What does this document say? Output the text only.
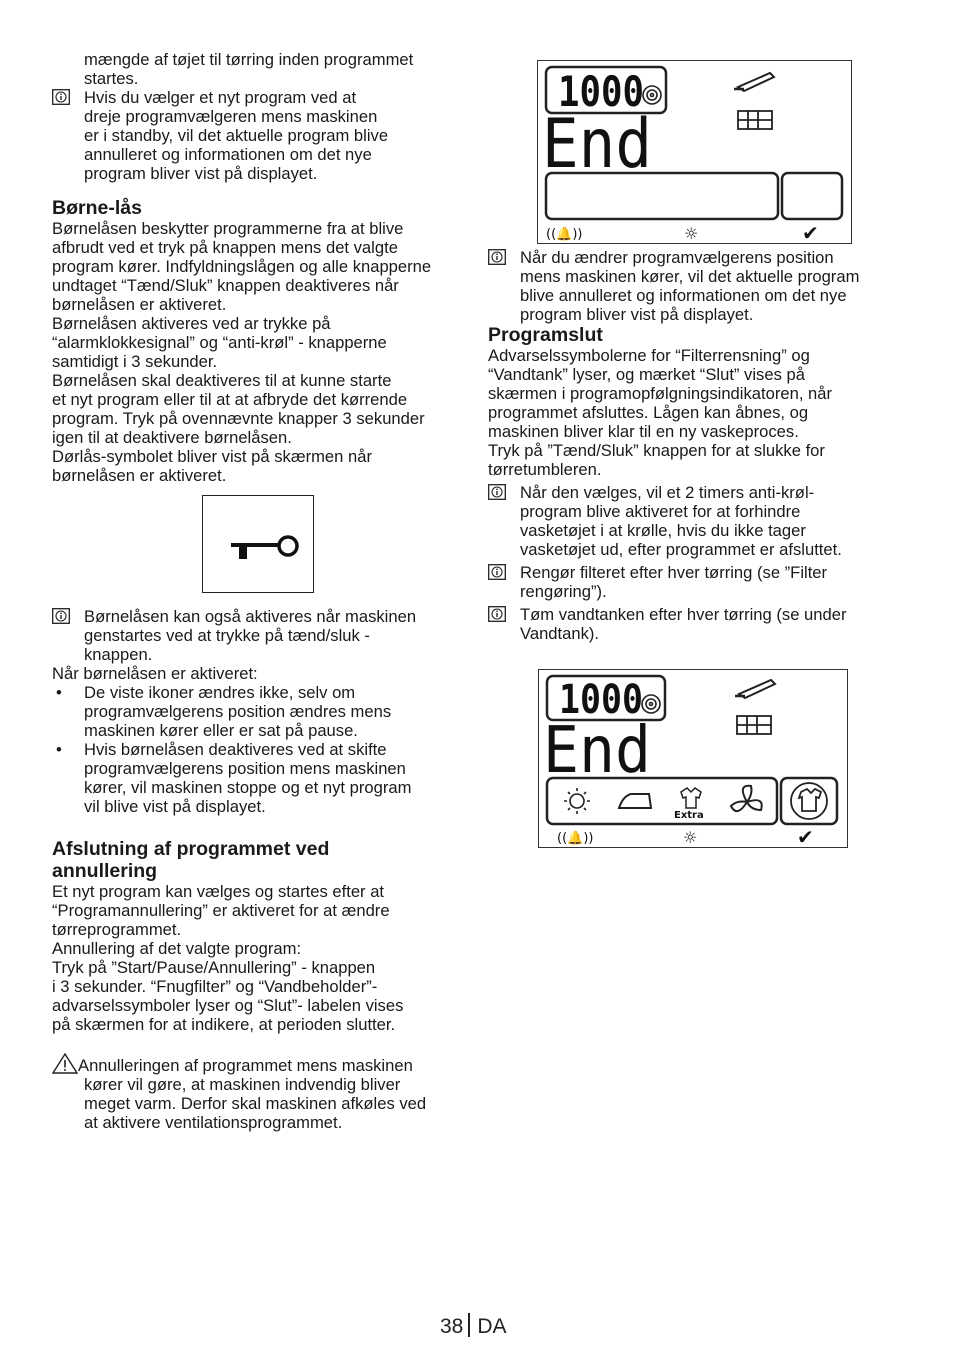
mængde af tøjet til tørring inden programmet

startes.

Hvis du vælger et nyt program ved at

dreje programvælgeren mens maskinen

er i standby, vil det aktuelle program blive

annulleret og informationen om det nye

program bliver vist på displayet.

Børne-lås

Børnelåsen beskytter programmerne fra at blive

afbrudt ved et tryk på knappen mens det valgte

program kører. Indfyldningslågen og alle knapperne

undtaget “Tænd/Sluk” knappen deaktiveres når

børnelåsen er aktiveret.

Børnelåsen aktiveres ved ar trykke på

“alarmklokkesignal” og “anti-krøl” - knapperne

samtidigt i 3 sekunder.

Børnelåsen skal deaktiveres til at kunne starte

et nyt program eller til at at afbryde det kørrende

program. Tryk på ovennævnte knapper 3 sekunder

igen til at deaktivere børnelåsen.

Dørlås-symbolet bliver vist på skærmen når

børnelåsen er aktiveret.

Børnelåsen kan også aktiveres når maskinen

genstartes ved at trykke på tænd/sluk -

knappen.

Når børnelåsen er aktiveret:

• De viste ikoner ændres ikke, selv om

programvælgerens position ændres mens

maskinen kører eller er sat på pause.

• Hvis børnelåsen deaktiveres ved at skifte

programvælgerens position mens maskinen

kører, vil maskinen stoppe og et nyt program

vil blive vist på displayet.

Afslutning af programmet ved
annullering

Et nyt program kan vælges og startes efter at

“Programannullering” er aktiveret for at ændre

tørreprogrammet.

Annullering af det valgte program:

Tryk på ”Start/Pause/Annullering” - knappen

i 3 sekunder. “Fnugfilter” og “Vandbeholder”-

advarselssymboler lyser og “Slut”- labelen vises

på skærmen for at indikere, at perioden slutter.

Annulleringen af programmet mens maskinen

kører vil gøre, at maskinen indvendig bliver

meget varm. Derfor skal maskinen afkøles ved

at aktivere ventilationsprogrammet.

1000
End
((🔔))	☼	✔

Når du ændrer programvælgerens position

mens maskinen kører, vil det aktuelle program

blive annulleret og informationen om det nye

program bliver vist på displayet.

Programslut

Advarselssymbolerne for “Filterrensning” og

“Vandtank” lyser, og mærket “Slut” vises på

skærmen i programopfølgningsindikatoren, når

programmet afsluttes. Lågen kan åbnes, og

maskinen bliver klar til en ny vaskeproces.

Tryk på ”Tænd/Sluk” knappen for at slukke for

tørretumbleren.

Når den vælges, vil et 2 timers anti-krøl-

program blive aktiveret for at forhindre

vasketøjet i at krølle, hvis du ikke tager

vasketøjet ud, efter programmet er afsluttet.

Rengør filteret efter hver tørring (se ”Filter

rengøring”).

Tøm vandtanken efter hver tørring (se under

Vandtank).

1000
End
Extra
((🔔))	☼	✔
38 DA
